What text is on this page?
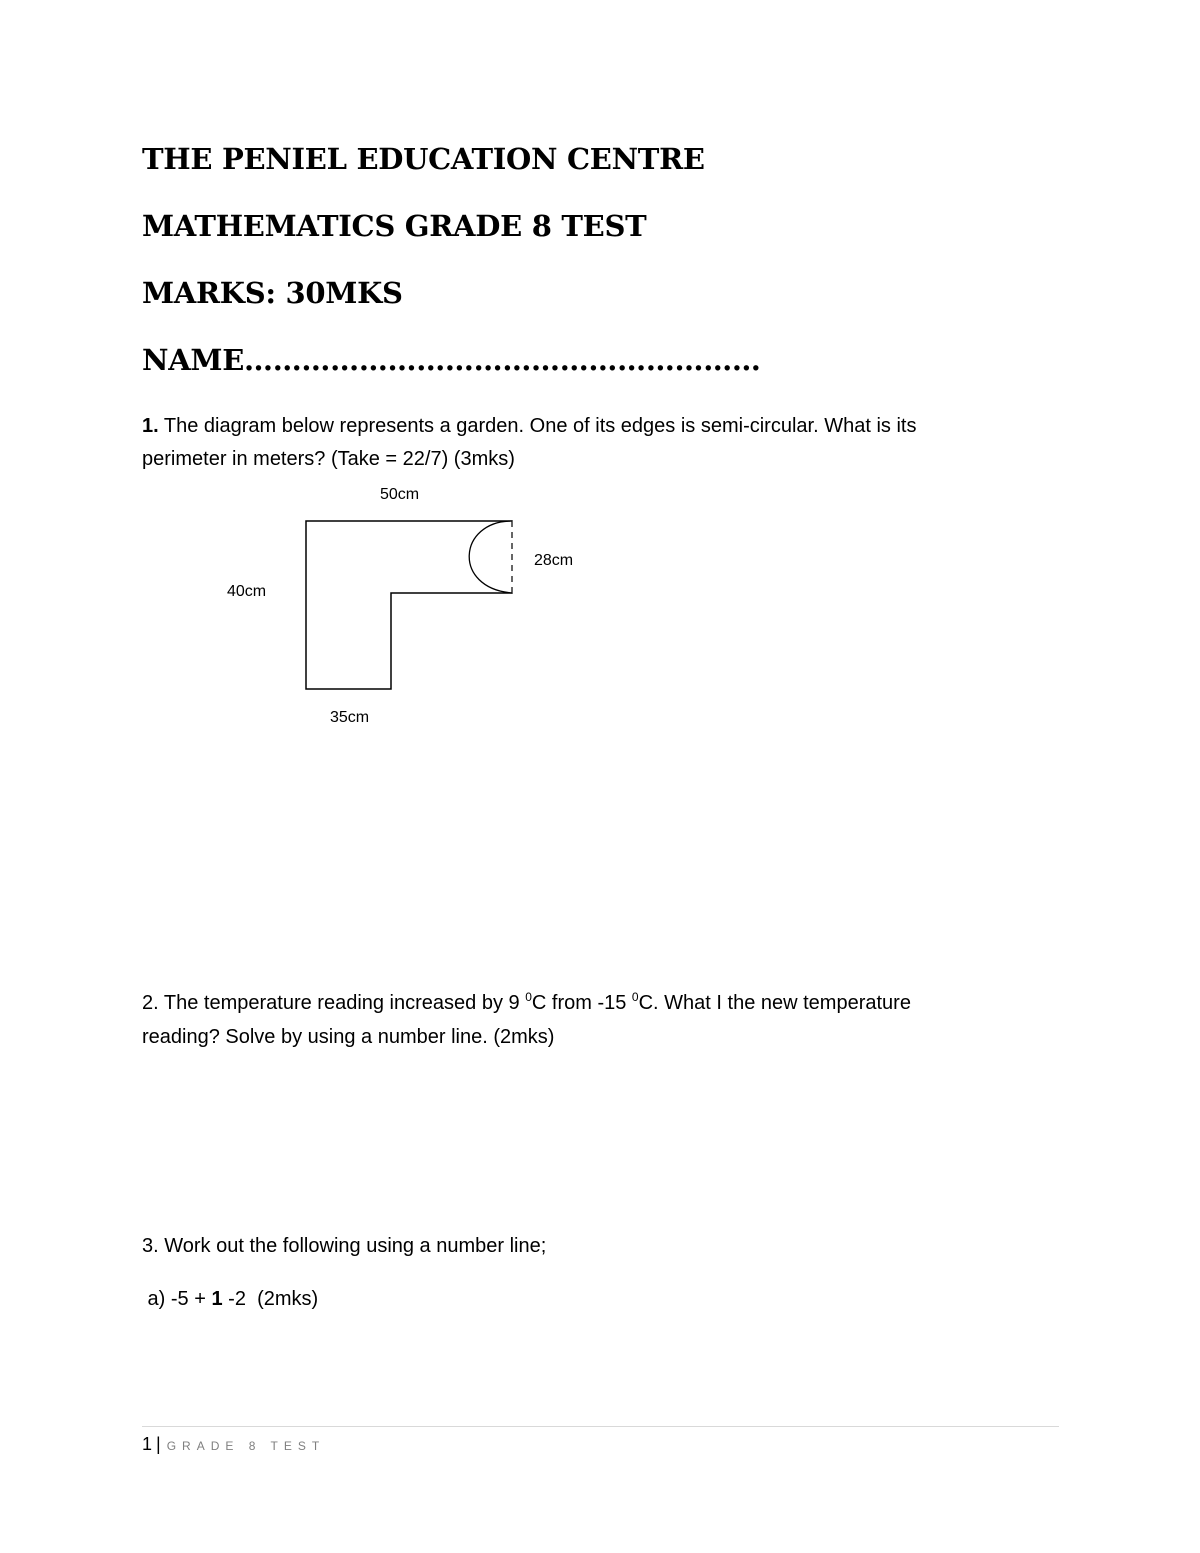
THE PENIEL EDUCATION CENTRE
MATHEMATICS GRADE 8 TEST
MARKS: 30MKS
NAME………………………………………………

1. The diagram below represents a garden. One of its edges is semi-circular. What is its

perimeter in meters? (Take = 22/7) (3mks)

50cm
28cm
40cm
35cm

2. The temperature reading increased by 9 $^0$C from -15 $^0$C. What I the new temperature

reading? Solve by using a number line. (2mks)

3. Work out the following using a number line;

a) -5 + 1 -2  (2mks)

1 | GRADE 8 TEST
